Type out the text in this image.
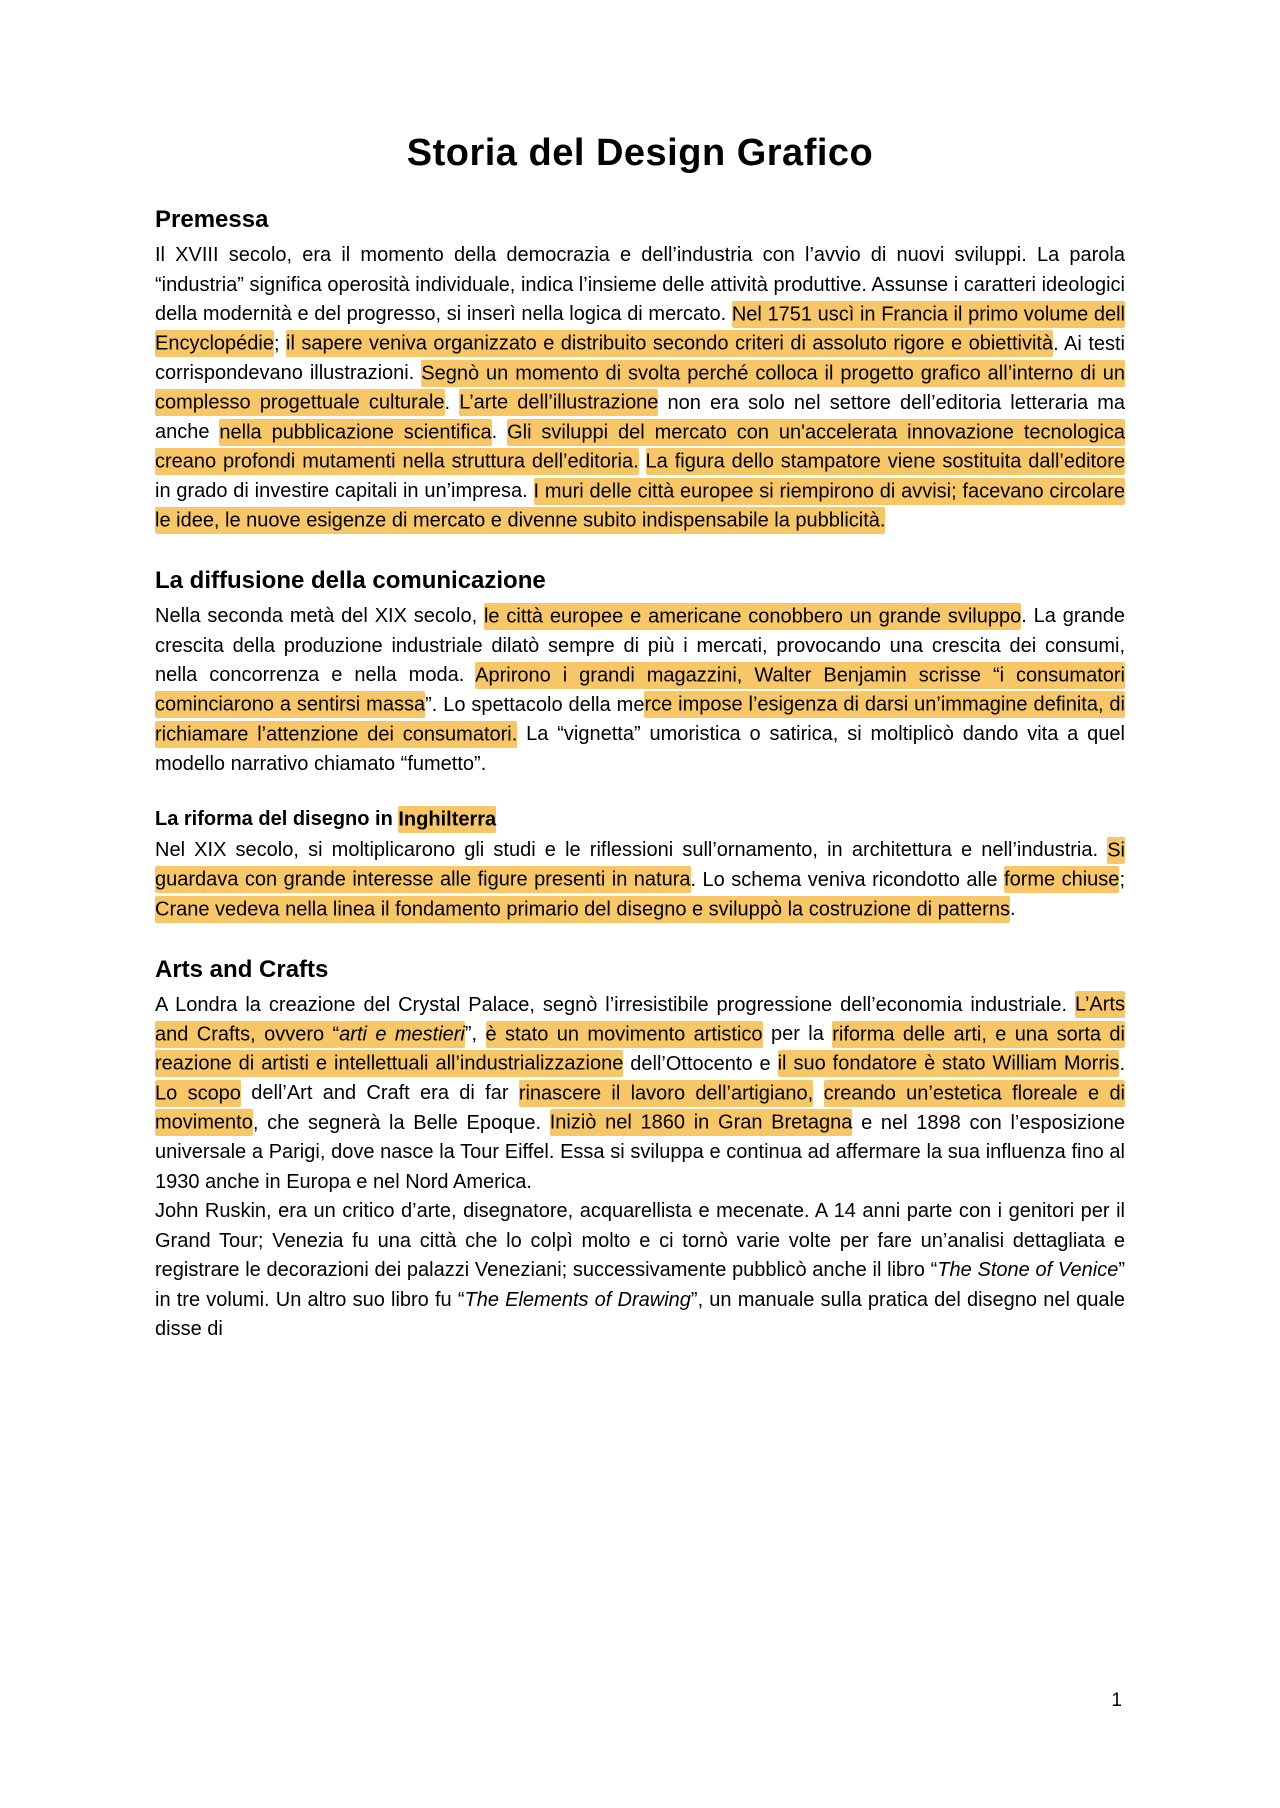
Storia del Design Grafico
Premessa

Il XVIII secolo, era il momento della democrazia e dell’industria con l’avvio di nuovi sviluppi. La parola “industria” significa operosità individuale, indica l’insieme delle attività produttive. Assunse i caratteri ideologici della modernità e del progresso, si inserì nella logica di mercato. Nel 1751 uscì in Francia il primo volume dell Encyclopédie; il sapere veniva organizzato e distribuito secondo criteri di assoluto rigore e obiettività. Ai testi corrispondevano illustrazioni. Segnò un momento di svolta perché colloca il progetto grafico all’interno di un complesso progettuale culturale. L’arte dell’illustrazione non era solo nel settore dell’editoria letteraria ma anche nella pubblicazione scientifica. Gli sviluppi del mercato con un'accelerata innovazione tecnologica creano profondi mutamenti nella struttura dell’editoria. La figura dello stampatore viene sostituita dall’editore in grado di investire capitali in un’impresa. I muri delle città europee si riempirono di avvisi; facevano circolare le idee, le nuove esigenze di mercato e divenne subito indispensabile la pubblicità.

La diffusione della comunicazione

Nella seconda metà del XIX secolo, le città europee e americane conobbero un grande sviluppo. La grande crescita della produzione industriale dilatò sempre di più i mercati, provocando una crescita dei consumi, nella concorrenza e nella moda. Aprirono i grandi magazzini, Walter Benjamin scrisse “i consumatori cominciarono a sentirsi massa”. Lo spettacolo della merce impose l’esigenza di darsi un’immagine definita, di richiamare l’attenzione dei consumatori. La “vignetta” umoristica o satirica, si moltiplicò dando vita a quel modello narrativo chiamato “fumetto”.

La riforma del disegno in Inghilterra

Nel XIX secolo, si moltiplicarono gli studi e le riflessioni sull’ornamento, in architettura e nell’industria. Si guardava con grande interesse alle figure presenti in natura. Lo schema veniva ricondotto alle forme chiuse; Crane vedeva nella linea il fondamento primario del disegno e sviluppò la costruzione di patterns.

Arts and Crafts

A Londra la creazione del Crystal Palace, segnò l’irresistibile progressione dell’economia industriale. L’Arts and Crafts, ovvero “arti e mestieri”, è stato un movimento artistico per la riforma delle arti, e una sorta di reazione di artisti e intellettuali all’industrializzazione dell’Ottocento e il suo fondatore è stato William Morris. Lo scopo dell’Art and Craft era di far rinascere il lavoro dell’artigiano, creando un’estetica floreale e di movimento, che segnerà la Belle Epoque. Iniziò nel 1860 in Gran Bretagna e nel 1898 con l’esposizione universale a Parigi, dove nasce la Tour Eiffel. Essa si sviluppa e continua ad affermare la sua influenza fino al 1930 anche in Europa e nel Nord America.

John Ruskin, era un critico d’arte, disegnatore, acquarellista e mecenate. A 14 anni parte con i genitori per il Grand Tour; Venezia fu una città che lo colpì molto e ci tornò varie volte per fare un’analisi dettagliata e registrare le decorazioni dei palazzi Veneziani; successivamente pubblicò anche il libro “The Stone of Venice” in tre volumi. Un altro suo libro fu “The Elements of Drawing”, un manuale sulla pratica del disegno nel quale disse di

1
